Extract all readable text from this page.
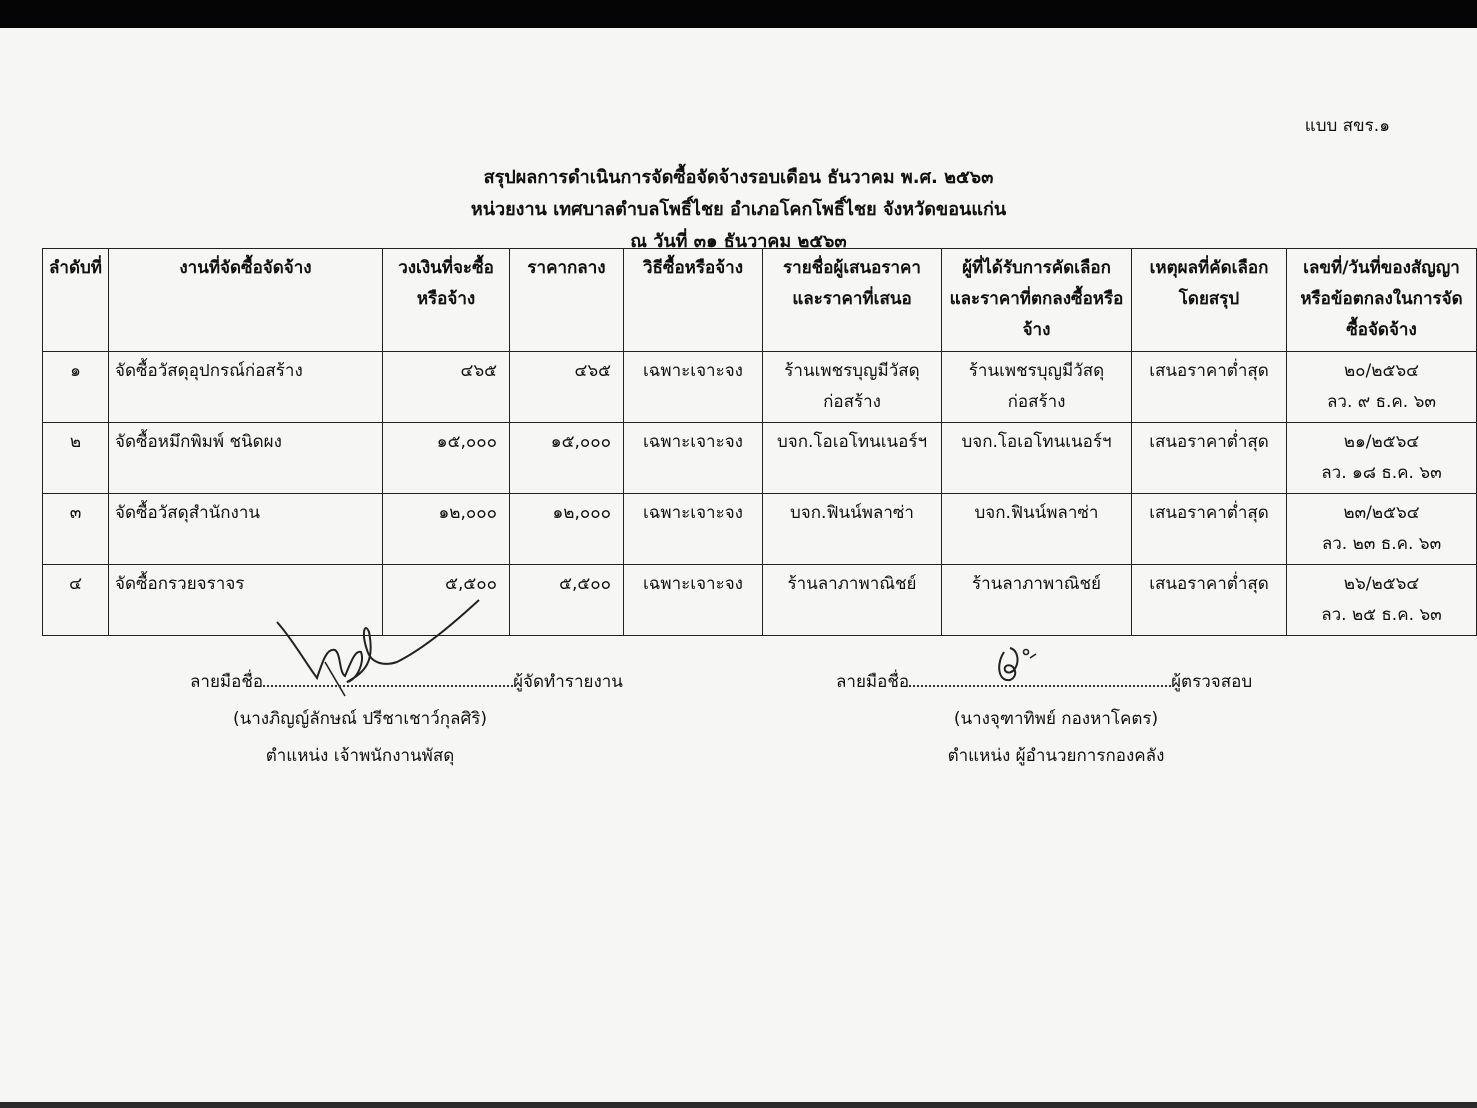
แบบ สขร.๑
สรุปผลการดำเนินการจัดซื้อจัดจ้างรอบเดือน ธันวาคม พ.ศ. ๒๕๖๓
หน่วยงาน เทศบาลตำบลโพธิ์ไชย อำเภอโคกโพธิ์ไชย จังหวัดขอนแก่น
ณ วันที่ ๓๑ ธันวาคม ๒๕๖๓
ลำดับที่	งานที่จัดซื้อจัดจ้าง	วงเงินที่จะซื้อหรือจ้าง	ราคากลาง	วิธีซื้อหรือจ้าง	รายชื่อผู้เสนอราคาและราคาที่เสนอ	ผู้ที่ได้รับการคัดเลือกและราคาที่ตกลงซื้อหรือจ้าง	เหตุผลที่คัดเลือกโดยสรุป	เลขที่/วันที่ของสัญญาหรือข้อตกลงในการจัดซื้อจัดจ้าง
๑	จัดซื้อวัสดุอุปกรณ์ก่อสร้าง	๔๖๕	๔๖๕	เฉพาะเจาะจง	ร้านเพชรบุญมีวัสดุก่อสร้าง	ร้านเพชรบุญมีวัสดุก่อสร้าง	เสนอราคาต่ำสุด	๒๐/๒๕๖๔
ลว. ๙ ธ.ค. ๖๓

๒	จัดซื้อหมึกพิมพ์ ชนิดผง	๑๕,๐๐๐	๑๕,๐๐๐	เฉพาะเจาะจง	บจก.โอเอโทนเนอร์ฯ	บจก.โอเอโทนเนอร์ฯ	เสนอราคาต่ำสุด	๒๑/๒๕๖๔
ลว. ๑๘ ธ.ค. ๖๓

๓	จัดซื้อวัสดุสำนักงาน	๑๒,๐๐๐	๑๒,๐๐๐	เฉพาะเจาะจง	บจก.ฟินน์พลาซ่า	บจก.ฟินน์พลาซ่า	เสนอราคาต่ำสุด	๒๓/๒๕๖๔
ลว. ๒๓ ธ.ค. ๖๓

๔	จัดซื้อกรวยจราจร	๕,๕๐๐	๕,๕๐๐	เฉพาะเจาะจง	ร้านลาภาพาณิชย์	ร้านลาภาพาณิชย์	เสนอราคาต่ำสุด	๒๖/๒๕๖๔
ลว. ๒๕ ธ.ค. ๖๓
ลายมือชื่อ	ผู้จัดทำรายงาน
(นางภิญญ์ลักษณ์ ปรีชาเชาว์กุลศิริ)
ตำแหน่ง เจ้าพนักงานพัสดุ
ลายมือชื่อ	ผู้ตรวจสอบ
(นางจุฑาทิพย์ กองหาโคตร)
ตำแหน่ง ผู้อำนวยการกองคลัง
